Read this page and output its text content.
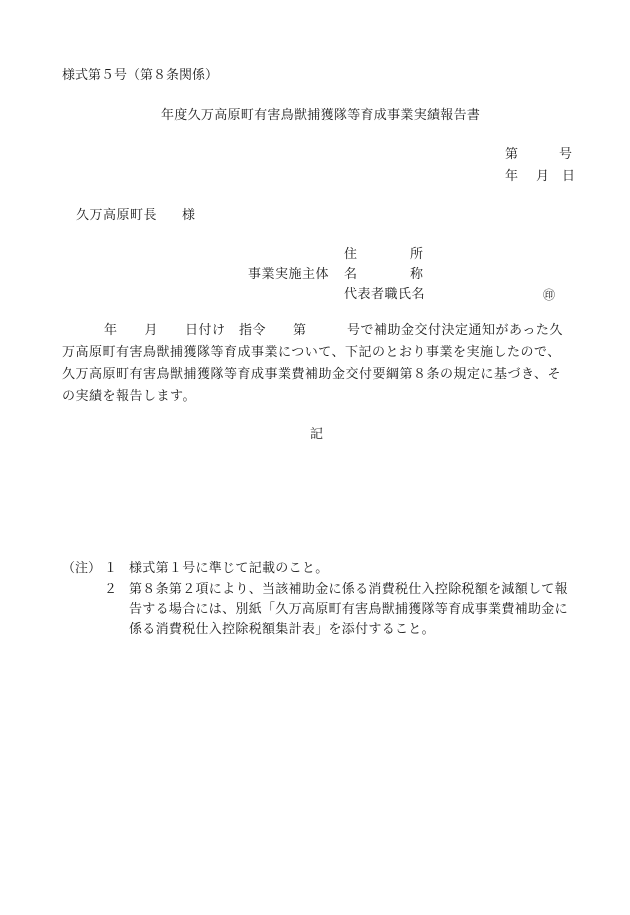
様式第５号（第８条関係）
年度久万高原町有害鳥獣捕獲隊等育成事業実績報告書
第	号
年 月 日
久万高原町長 様
住	所
事業実施主体 名	称
代表者職氏名	㊞
年　　月　　日付け　指令　　第　　　号で補助金交付決定通知があった久万高原町有害鳥獣捕獲隊等育成事業について、下記のとおり事業を実施したので、久万高原町有害鳥獣捕獲隊等育成事業費補助金交付要綱第８条の規定に基づき、その実績を報告します。
記
（注） １ 様式第１号に準じて記載のこと。
２ 第８条第２項により、当該補助金に係る消費税仕入控除税額を減額して報告する場合には、別紙「久万高原町有害鳥獣捕獲隊等育成事業費補助金に係る消費税仕入控除税額集計表」を添付すること。
